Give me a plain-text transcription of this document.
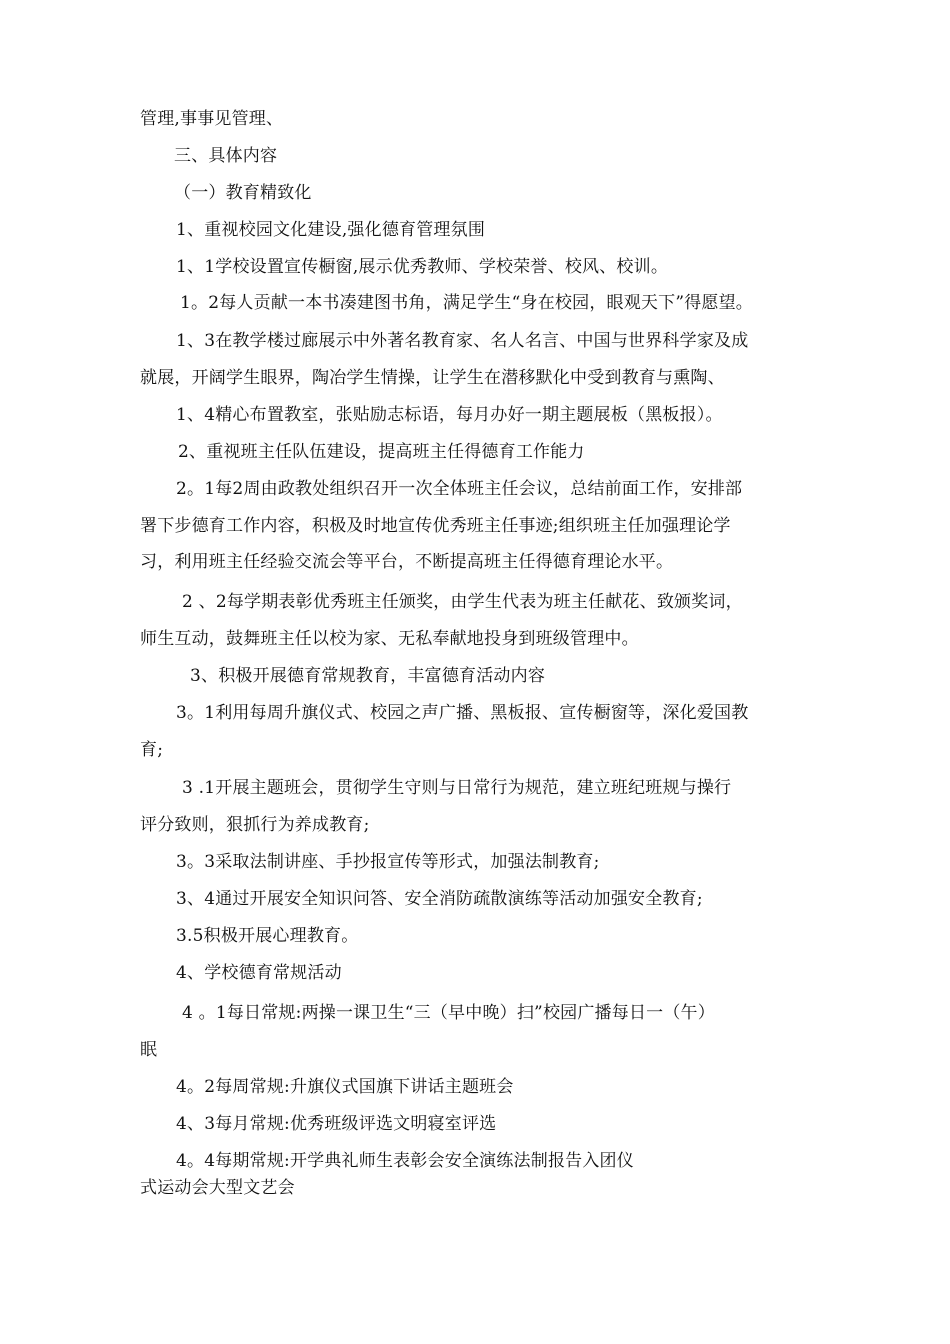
管理,事事见管理、
三、具体内容
（一）教育精致化
1、重视校园文化建设,强化德育管理氛围
1、1学校设置宣传橱窗,展示优秀教师、学校荣誉、校风、校训。
1。2每人贡献一本书凑建图书角，满足学生“身在校园，眼观天下”得愿望。
1、3在教学楼过廊展示中外著名教育家、名人名言、中国与世界科学家及成
就展，开阔学生眼界，陶冶学生情操，让学生在潜移默化中受到教育与熏陶、
1、4精心布置教室，张贴励志标语，每月办好一期主题展板（黑板报）。
2、重视班主任队伍建设，提高班主任得德育工作能力
2。1每2周由政教处组织召开一次全体班主任会议，总结前面工作，安排部
署下步德育工作内容，积极及时地宣传优秀班主任事迹;组织班主任加强理论学
习，利用班主任经验交流会等平台，不断提高班主任得德育理论水平。
2 、2每学期表彰优秀班主任颁奖，由学生代表为班主任献花、致颁奖词，
师生互动，鼓舞班主任以校为家、无私奉献地投身到班级管理中。
3、积极开展德育常规教育，丰富德育活动内容
3。1利用每周升旗仪式、校园之声广播、黑板报、宣传橱窗等，深化爱国教
育;
3 .1开展主题班会，贯彻学生守则与日常行为规范，建立班纪班规与操行
评分致则，狠抓行为养成教育;
3。3采取法制讲座、手抄报宣传等形式，加强法制教育;
3、4通过开展安全知识问答、安全消防疏散演练等活动加强安全教育;
3.5积极开展心理教育。
4、学校德育常规活动
4 。1每日常规:两操一课卫生“三（早中晚）扫”校园广播每日一（午）
眠
4。2每周常规:升旗仪式国旗下讲话主题班会
4、3每月常规:优秀班级评选文明寝室评选
4。4每期常规:开学典礼师生表彰会安全演练法制报告入团仪
式运动会大型文艺会
